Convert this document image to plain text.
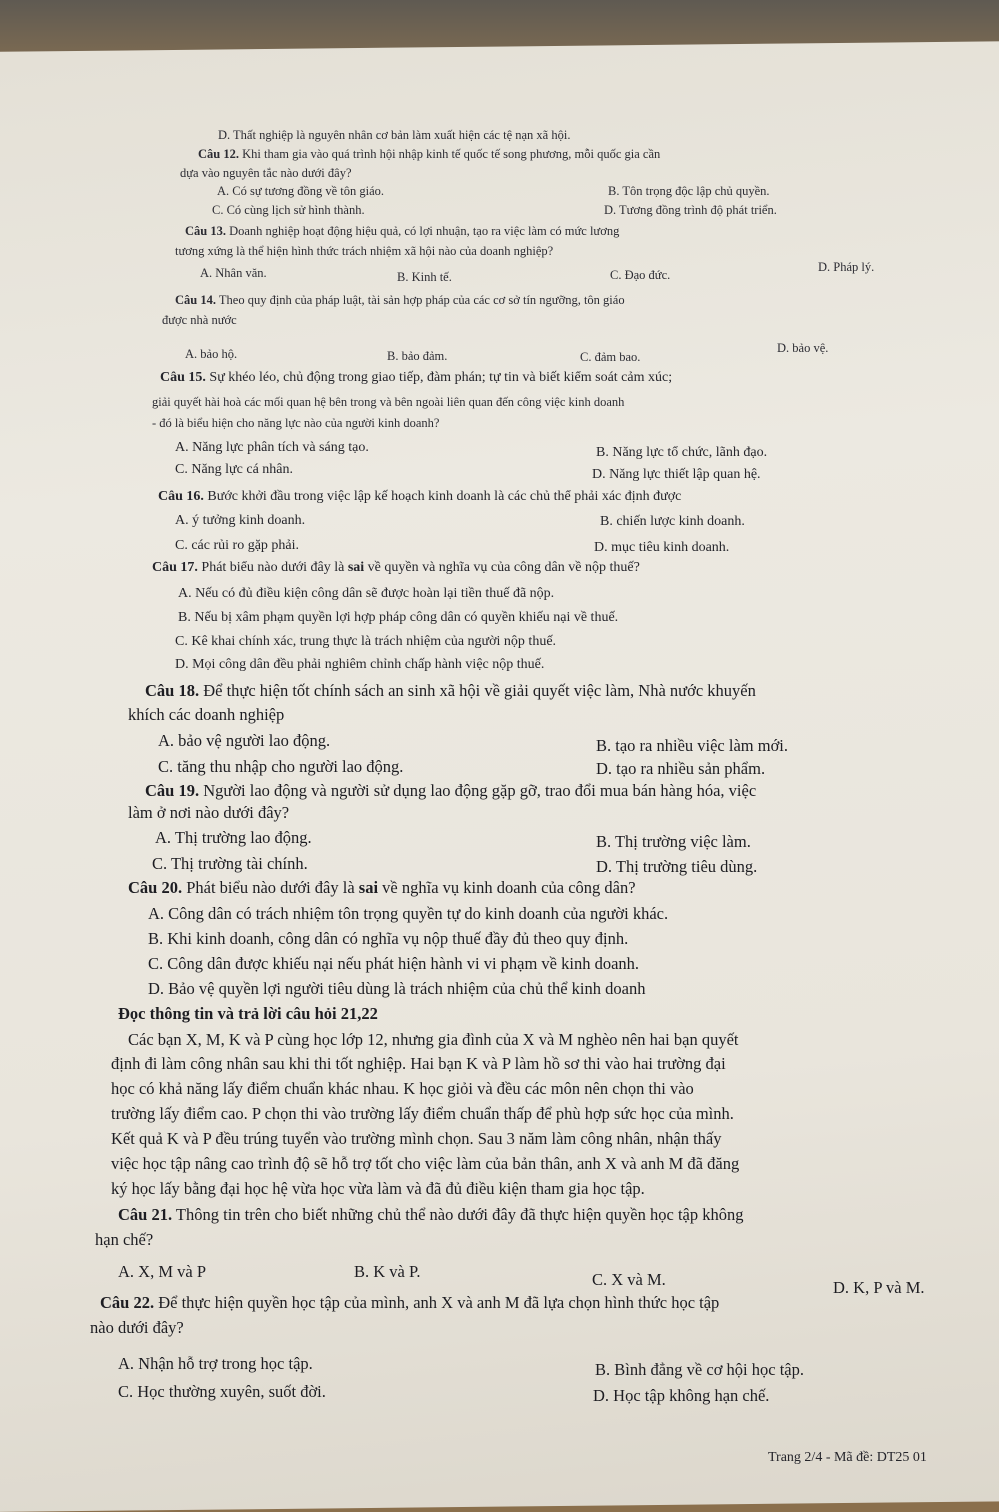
D. Thất nghiệp là nguyên nhân cơ bản làm xuất hiện các tệ nạn xã hội.
Câu 12. Khi tham gia vào quá trình hội nhập kinh tế quốc tế song phương, mỗi quốc gia cần
dựa vào nguyên tắc nào dưới đây?
A. Có sự tương đồng về tôn giáo.	B. Tôn trọng độc lập chủ quyền.
C. Có cùng lịch sử hình thành.	D. Tương đồng trình độ phát triển.
Câu 13. Doanh nghiệp hoạt động hiệu quả, có lợi nhuận, tạo ra việc làm có mức lương
tương xứng là thể hiện hình thức trách nhiệm xã hội nào của doanh nghiệp?
A. Nhân văn.	B. Kinh tế.	C. Đạo đức.
D. Pháp lý.
Câu 14. Theo quy định của pháp luật, tài sản hợp pháp của các cơ sở tín ngưỡng, tôn giáo
được nhà nước
A. bảo hộ.	B. bảo đảm.	C. đảm bao.
D. bảo vệ.
Câu 15. Sự khéo léo, chủ động trong giao tiếp, đàm phán; tự tin và biết kiểm soát cảm xúc;
giải quyết hài hoà các mối quan hệ bên trong và bên ngoài liên quan đến công việc kinh doanh
- đó là biểu hiện cho năng lực nào của người kinh doanh?
A. Năng lực phân tích và sáng tạo.	B. Năng lực tổ chức, lãnh đạo.
C. Năng lực cá nhân.	D. Năng lực thiết lập quan hệ.
Câu 16. Bước khởi đầu trong việc lập kế hoạch kinh doanh là các chủ thể phải xác định được
A. ý tưởng kinh doanh.	B. chiến lược kinh doanh.
C. các rủi ro gặp phải.	D. mục tiêu kinh doanh.
Câu 17. Phát biểu nào dưới đây là sai về quyền và nghĩa vụ của công dân về nộp thuế?
A. Nếu có đủ điều kiện công dân sẽ được hoàn lại tiền thuế đã nộp.
B. Nếu bị xâm phạm quyền lợi hợp pháp công dân có quyền khiếu nại về thuế.
C. Kê khai chính xác, trung thực là trách nhiệm của người nộp thuế.
D. Mọi công dân đều phải nghiêm chỉnh chấp hành việc nộp thuế.
Câu 18. Để thực hiện tốt chính sách an sinh xã hội về giải quyết việc làm, Nhà nước khuyến
khích các doanh nghiệp
A. bảo vệ người lao động.	B. tạo ra nhiều việc làm mới.
C. tăng thu nhập cho người lao động.	D. tạo ra nhiều sản phẩm.
Câu 19. Người lao động và người sử dụng lao động gặp gỡ, trao đổi mua bán hàng hóa, việc
làm ở nơi nào dưới đây?
A. Thị trường lao động.	B. Thị trường việc làm.
C. Thị trường tài chính.	D. Thị trường tiêu dùng.
Câu 20. Phát biểu nào dưới đây là sai về nghĩa vụ kinh doanh của công dân?
A. Công dân có trách nhiệm tôn trọng quyền tự do kinh doanh của người khác.
B. Khi kinh doanh, công dân có nghĩa vụ nộp thuế đầy đủ theo quy định.
C. Công dân được khiếu nại nếu phát hiện hành vi vi phạm về kinh doanh.
D. Bảo vệ quyền lợi người tiêu dùng là trách nhiệm của chủ thể kinh doanh
Đọc thông tin và trả lời câu hỏi 21,22
Các bạn X, M, K và P cùng học lớp 12, nhưng gia đình của X và M nghèo nên hai bạn quyết
định đi làm công nhân sau khi thi tốt nghiệp. Hai bạn K và P làm hồ sơ thi vào hai trường đại
học có khả năng lấy điểm chuẩn khác nhau. K học giỏi và đều các môn nên chọn thi vào
trường lấy điểm cao. P chọn thi vào trường lấy điểm chuẩn thấp để phù hợp sức học của mình.
Kết quả K và P đều trúng tuyển vào trường mình chọn. Sau 3 năm làm công nhân, nhận thấy
việc học tập nâng cao trình độ sẽ hỗ trợ tốt cho việc làm của bản thân, anh X và anh M đã đăng
ký học lấy bằng đại học hệ vừa học vừa làm và đã đủ điều kiện tham gia học tập.
Câu 21. Thông tin trên cho biết những chủ thể nào dưới đây đã thực hiện quyền học tập không
hạn chế?
A. X, M và P	B. K và P.	C. X và M.	D. K, P và M.
Câu 22. Để thực hiện quyền học tập của mình, anh X và anh M đã lựa chọn hình thức học tập
nào dưới đây?
A. Nhận hỗ trợ trong học tập.	B. Bình đẳng về cơ hội học tập.
C. Học thường xuyên, suốt đời.	D. Học tập không hạn chế.
Trang 2/4 - Mã đề: DT25 01
